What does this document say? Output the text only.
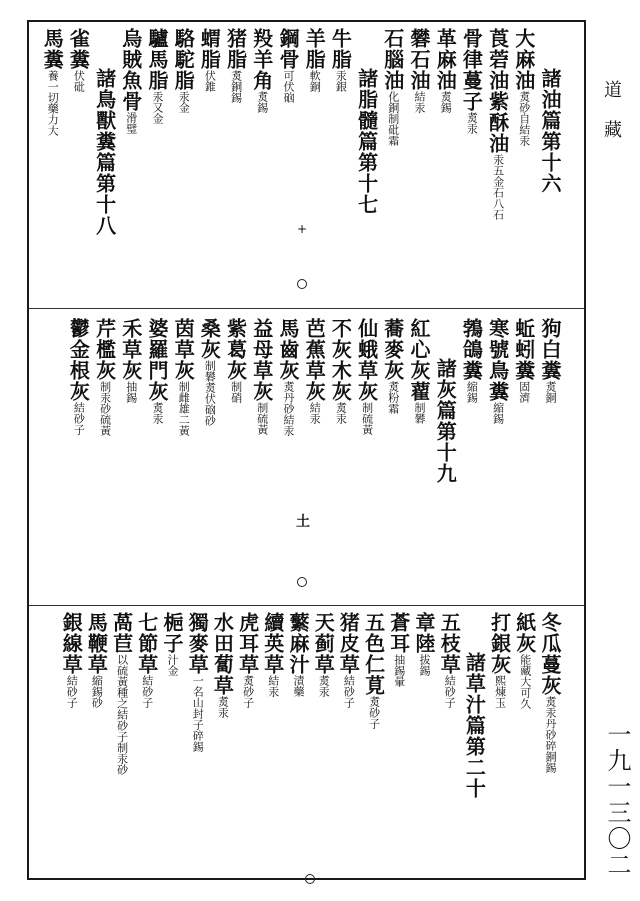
諸油篇第十六
大麻油煑砂自結汞
莨菪油紫酥油汞五金石八石
骨律蔓子煑汞
革麻油煑錫
礬石油結汞
石腦油化銅制砒霜
諸脂髓篇第十七
牛脂汞銀
羊脂軟銅
鋼骨可伏硇
羖羊角煑錫
猪脂煑銅錫
蝟脂伏錐
駱駝脂汞金
驢馬脂汞又金
烏賊魚骨滑璧
諸鳥獸糞篇第十八
雀糞伏砒
馬糞養一切藥力大
狗白糞煑銅
蚯蚓糞固濟
寒號鳥糞縮錫
鵓鴿糞縮錫
諸灰篇第十九
紅心灰藋制礬
蕎麥灰煑粉霜
仙蛾草灰制硫黃
不灰木灰煑汞
芭蕉草灰結汞
馬齒灰煑丹砂結汞
益母草灰制硫黃
紫葛灰制硝
桑灰制礬煑伏硇砂
茵草灰制雌雄二黃
婆羅門灰煑汞
禾草灰抽錫
芹檻灰制汞砂硫黃
鬱金根灰結砂子
冬瓜蔓灰煑汞丹砂碎銅錫
紙灰能藏大可久
打銀灰熙煉玉
諸草汁篇第二十
五枝草結砂子
章陸拔錫
蒼耳抽錫暈
五色仁莧煑砂子
猪皮草結砂子
天蓟草煑汞
蘩麻汁漬藥
續英草結汞
虎耳草煑砂子
水田蔔草煑汞
獨麥草一名山封子碎錫
梔子汁金
七節草結砂子
萵苣以硫黃種之結砂子制汞砂
馬鞭草縮錫砂
銀線草結砂子
+
土
道藏
一九一三〇二
